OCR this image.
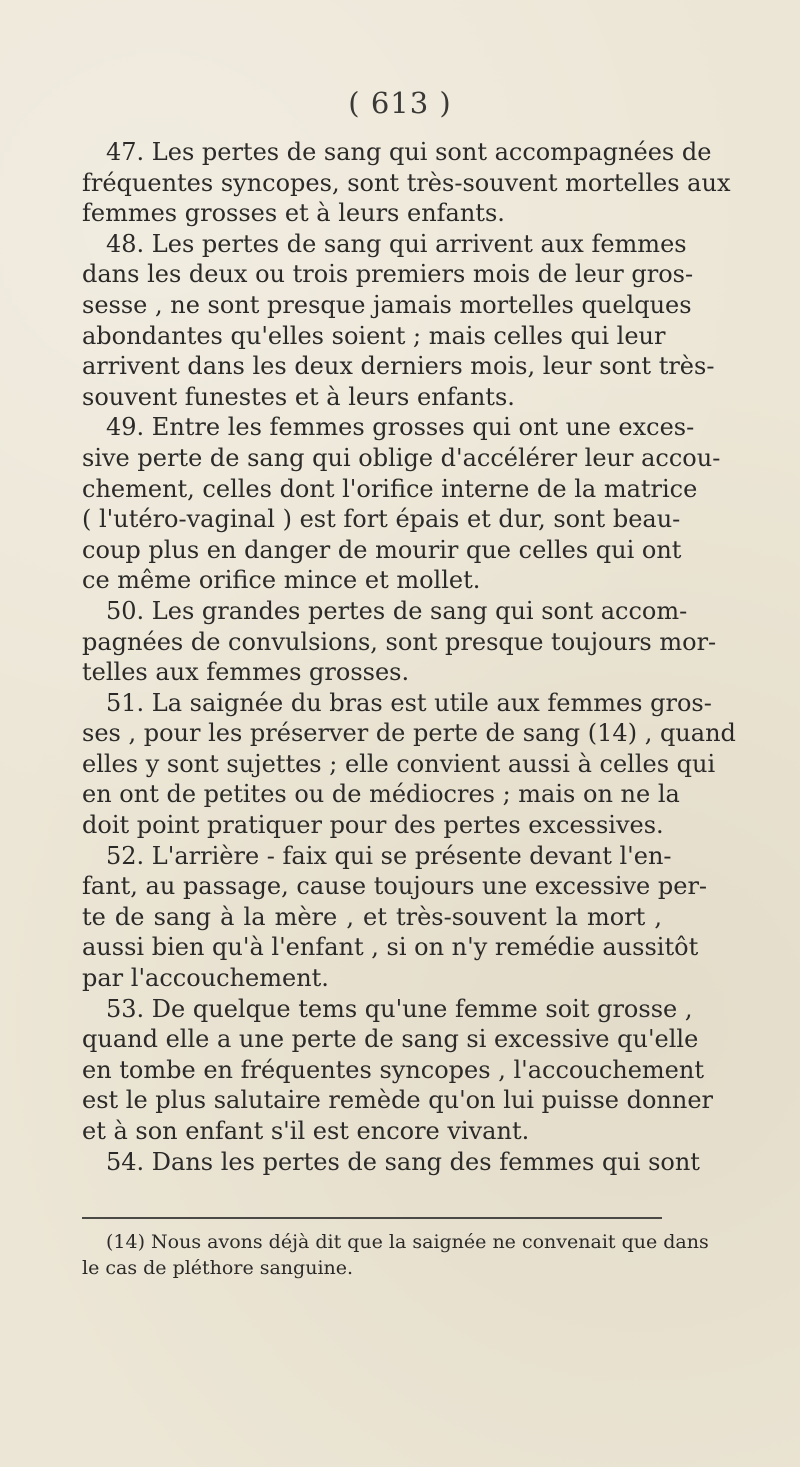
( 613 )
47. Les pertes de sang qui sont accompagnées de
fréquentes syncopes, sont très-souvent mortelles aux
femmes grosses et à leurs enfants.
48. Les pertes de sang qui arrivent aux femmes
dans les deux ou trois premiers mois de leur gros-
sesse , ne sont presque jamais mortelles quelques
abondantes qu'elles soient ; mais celles qui leur
arrivent dans les deux derniers mois, leur sont très-
souvent funestes et à leurs enfants.
49. Entre les femmes grosses qui ont une exces-
sive perte de sang qui oblige d'accélérer leur accou-
chement, celles dont l'orifice interne de la matrice
( l'utéro-vaginal ) est fort épais et dur, sont beau-
coup plus en danger de mourir que celles qui ont
ce même orifice mince et mollet.
50. Les grandes pertes de sang qui sont accom-
pagnées de convulsions, sont presque toujours mor-
telles aux femmes grosses.
51. La saignée du bras est utile aux femmes gros-
ses , pour les préserver de perte de sang (14) , quand
elles y sont sujettes ; elle convient aussi à celles qui
en ont de petites ou de médiocres ; mais on ne la
doit point pratiquer pour des pertes excessives.
52. L'arrière - faix qui se présente devant l'en-
fant, au passage, cause toujours une excessive per-
te de sang à la mère , et très-souvent la mort ,
aussi bien qu'à l'enfant , si on n'y remédie aussitôt
par l'accouchement.
53. De quelque tems qu'une femme soit grosse ,
quand elle a une perte de sang si excessive qu'elle
en tombe en fréquentes syncopes , l'accouchement
est le plus salutaire remède qu'on lui puisse donner
et à son enfant s'il est encore vivant.
54. Dans les pertes de sang des femmes qui sont
(14) Nous avons déjà dit que la saignée ne convenait que dans
le cas de pléthore sanguine.
